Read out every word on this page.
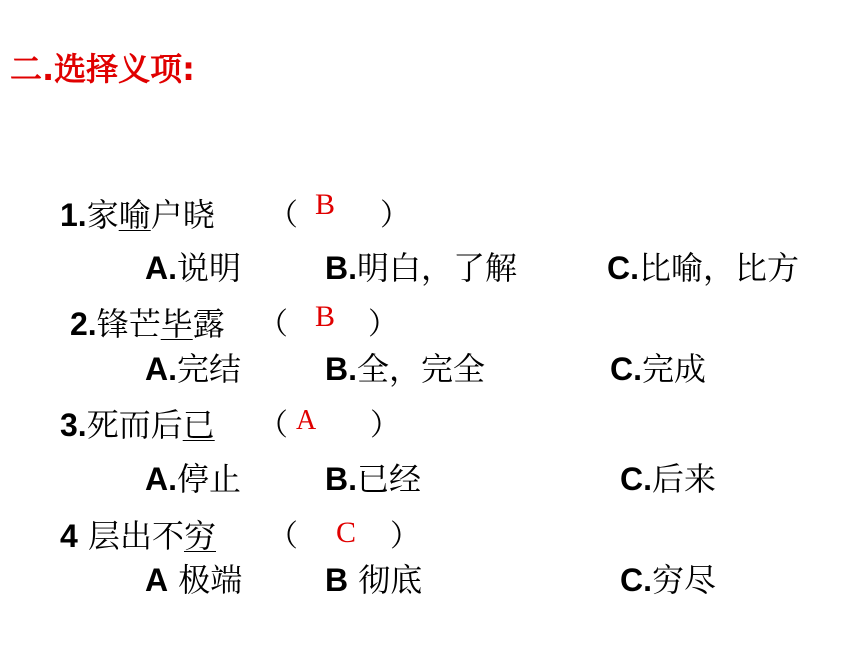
二.选择义项:
1.家喻户晓 （ B ）
A.说明	B.明白，了解	C.比喻，比方
2.锋芒毕露 （ B ）
A.完结	B.全，完全	C.完成
3.死而后已 （ A ）
A.停止	B.已经	C.后来
4 层出不穷 （ C ）
A 极端	B 彻底	C.穷尽
